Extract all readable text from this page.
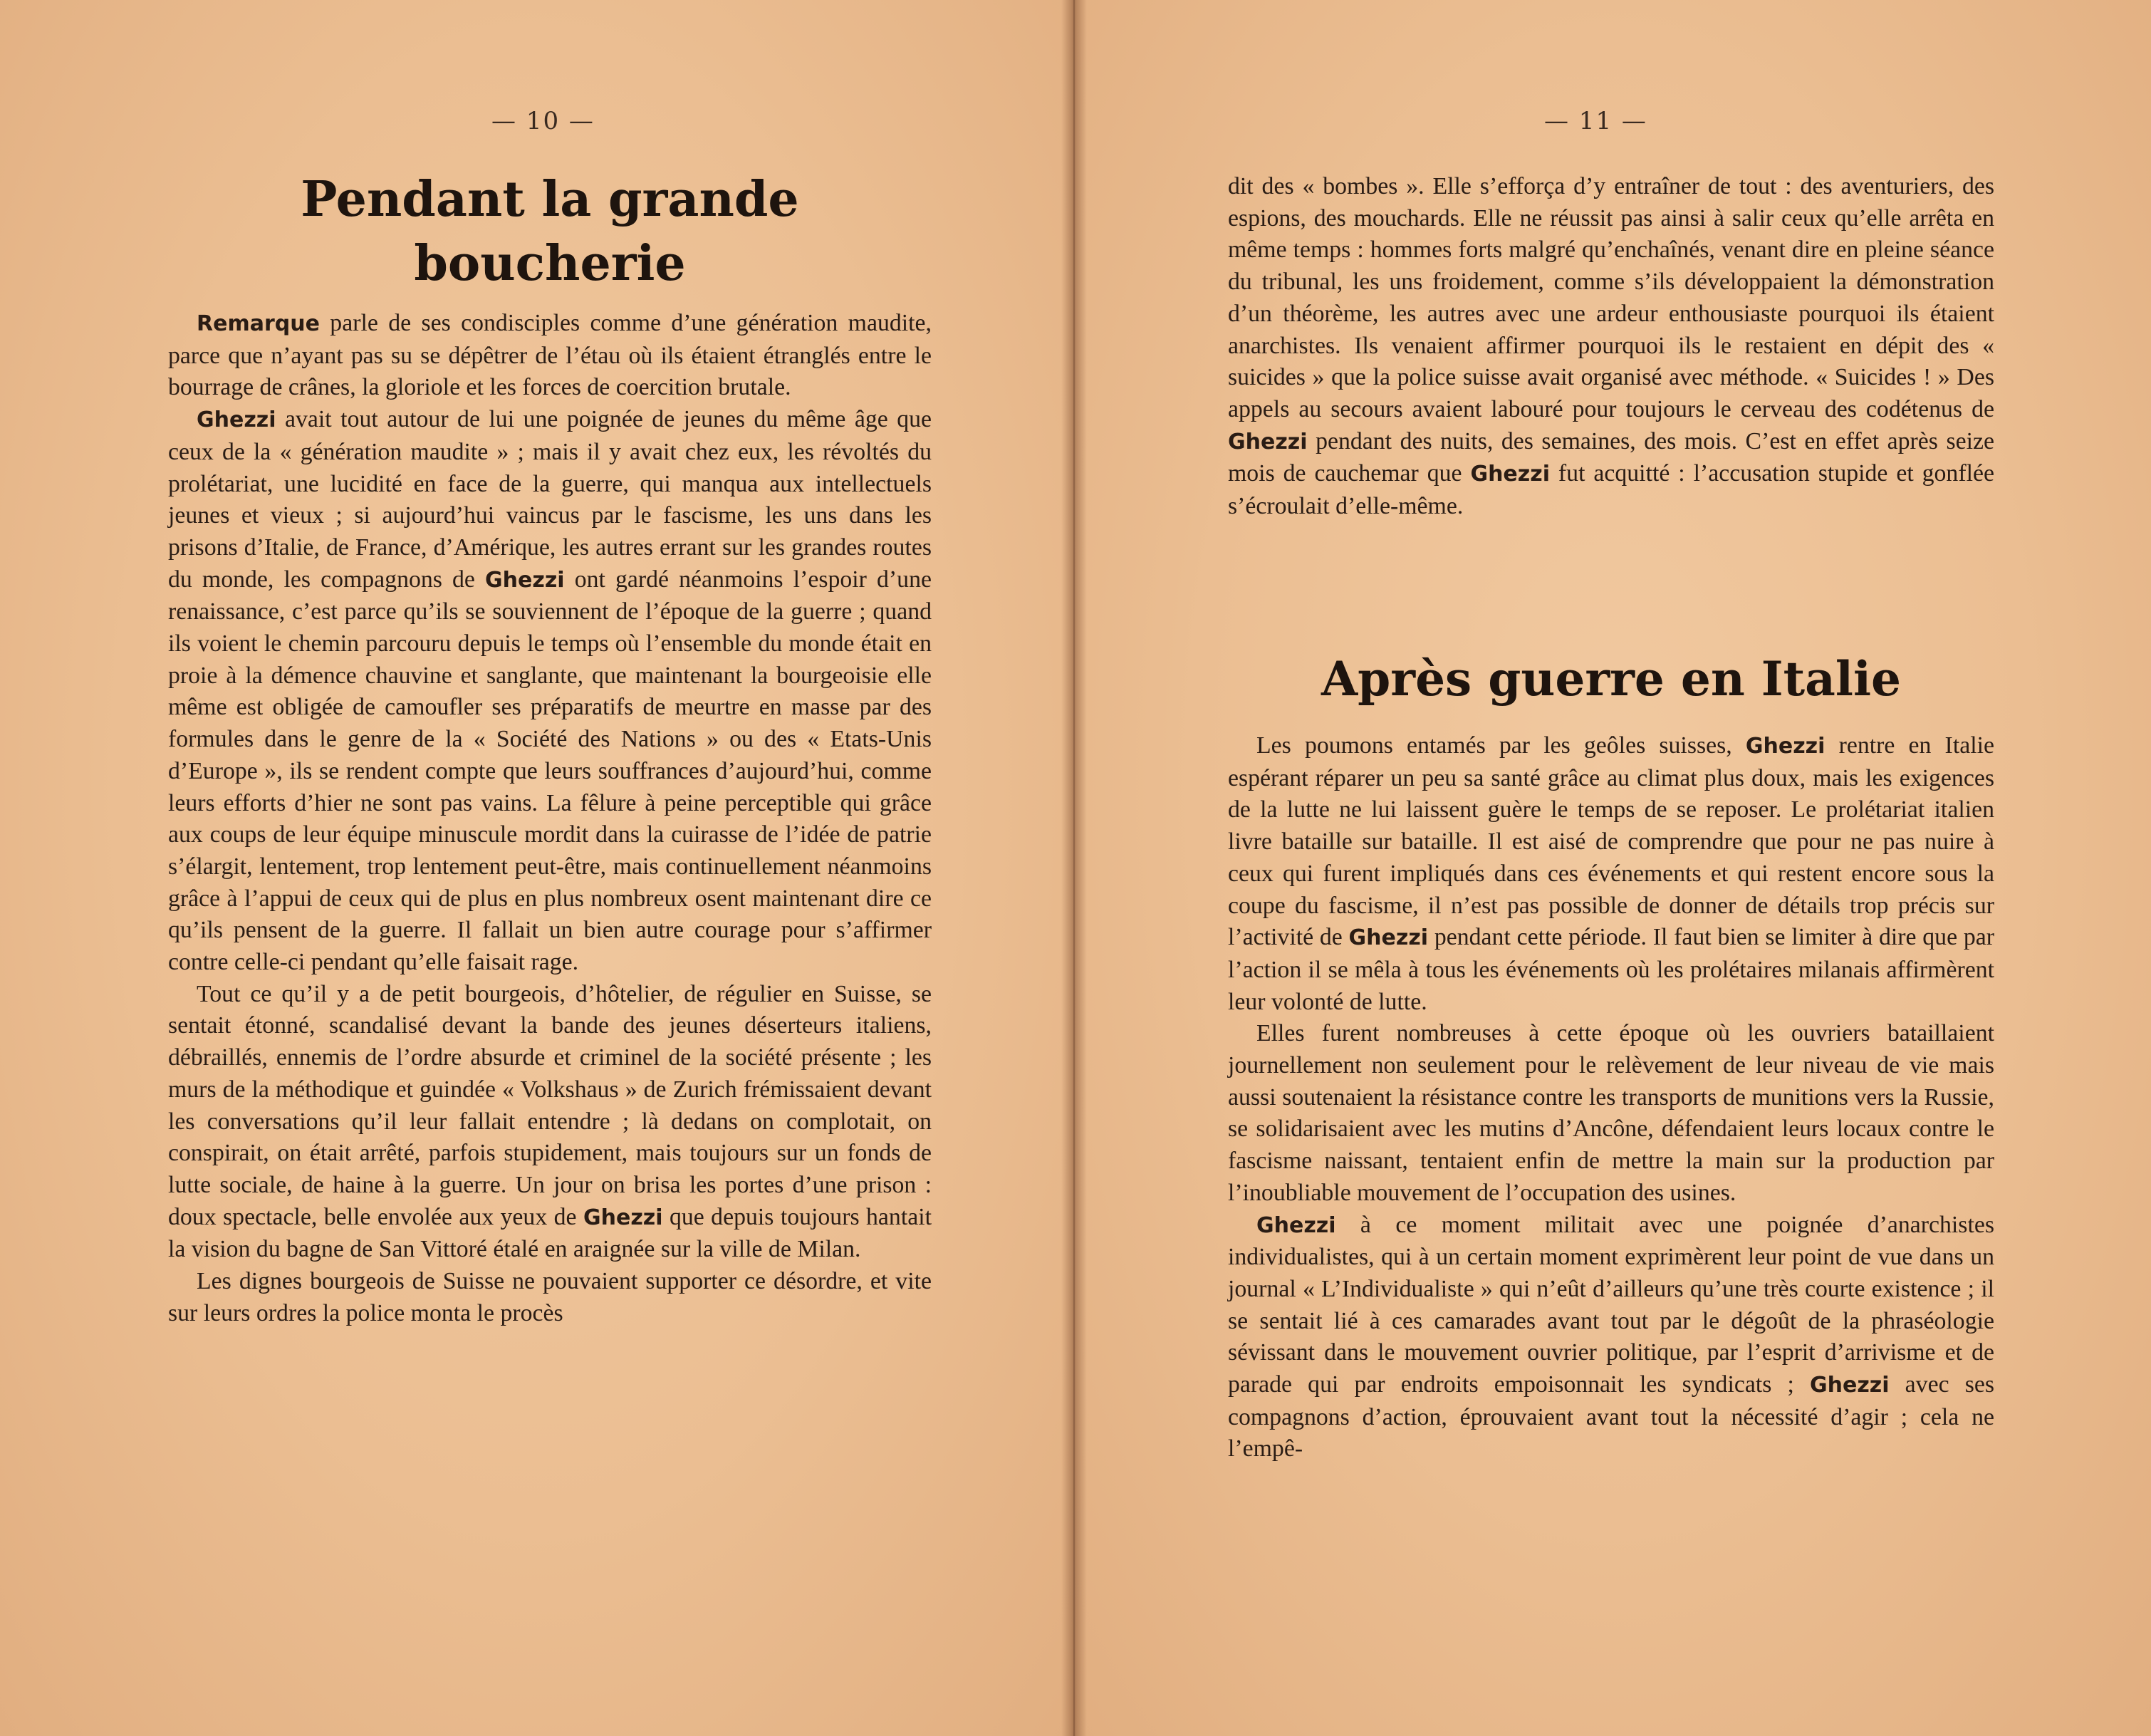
— 10 —
Pendant la grande boucherie

Remarque parle de ses condisciples comme d’une génération maudite, parce que n’ayant pas su se dépêtrer de l’étau où ils étaient étranglés entre le bourrage de crânes, la gloriole et les forces de coercition brutale.

Ghezzi avait tout autour de lui une poignée de jeunes du même âge que ceux de la « génération maudite » ; mais il y avait chez eux, les révoltés du prolétariat, une lucidité en face de la guerre, qui manqua aux intellectuels jeunes et vieux ; si aujourd’hui vaincus par le fascisme, les uns dans les prisons d’Italie, de France, d’Amérique, les autres errant sur les grandes routes du monde, les compagnons de Ghezzi ont gardé néanmoins l’espoir d’une renaissance, c’est parce qu’ils se souviennent de l’époque de la guerre ; quand ils voient le chemin parcouru depuis le temps où l’ensemble du monde était en proie à la démence chauvine et sanglante, que maintenant la bourgeoisie elle même est obligée de camoufler ses préparatifs de meurtre en masse par des formules dans le genre de la « Société des Nations » ou des « Etats-Unis d’Europe », ils se rendent compte que leurs souffrances d’aujourd’hui, comme leurs efforts d’hier ne sont pas vains. La fêlure à peine perceptible qui grâce aux coups de leur équipe minuscule mordit dans la cuirasse de l’idée de patrie s’élargit, lentement, trop lentement peut-être, mais continuellement néanmoins grâce à l’appui de ceux qui de plus en plus nombreux osent maintenant dire ce qu’ils pensent de la guerre. Il fallait un bien autre courage pour s’affirmer contre celle-ci pendant qu’elle faisait rage.

Tout ce qu’il y a de petit bourgeois, d’hôtelier, de régulier en Suisse, se sentait étonné, scandalisé devant la bande des jeunes déserteurs italiens, débraillés, ennemis de l’ordre absurde et criminel de la société présente ; les murs de la méthodique et guindée « Volkshaus » de Zurich frémissaient devant les conversations qu’il leur fallait entendre ; là dedans on complotait, on conspirait, on était arrêté, parfois stupidement, mais toujours sur un fonds de lutte sociale, de haine à la guerre. Un jour on brisa les portes d’une prison : doux spectacle, belle envolée aux yeux de Ghezzi que depuis toujours hantait la vision du bagne de San Vittoré étalé en araignée sur la ville de Milan.

Les dignes bourgeois de Suisse ne pouvaient supporter ce désordre, et vite sur leurs ordres la police monta le procès

— 11 —

dit des « bombes ». Elle s’efforça d’y entraîner de tout : des aventuriers, des espions, des mouchards. Elle ne réussit pas ainsi à salir ceux qu’elle arrêta en même temps : hommes forts malgré qu’enchaînés, venant dire en pleine séance du tribunal, les uns froidement, comme s’ils développaient la démonstration d’un théorème, les autres avec une ardeur enthousiaste pourquoi ils étaient anarchistes. Ils venaient affirmer pourquoi ils le restaient en dépit des « suicides » que la police suisse avait organisé avec méthode. « Suicides ! » Des appels au secours avaient labouré pour toujours le cerveau des codétenus de Ghezzi pendant des nuits, des semaines, des mois. C’est en effet après seize mois de cauchemar que Ghezzi fut acquitté : l’accusation stupide et gonflée s’écroulait d’elle-même.

Après guerre en Italie

Les poumons entamés par les geôles suisses, Ghezzi rentre en Italie espérant réparer un peu sa santé grâce au climat plus doux, mais les exigences de la lutte ne lui laissent guère le temps de se reposer. Le prolétariat italien livre bataille sur bataille. Il est aisé de comprendre que pour ne pas nuire à ceux qui furent impliqués dans ces événements et qui restent encore sous la coupe du fascisme, il n’est pas possible de donner de détails trop précis sur l’activité de Ghezzi pendant cette période. Il faut bien se limiter à dire que par l’action il se mêla à tous les événements où les prolétaires milanais affirmèrent leur volonté de lutte.

Elles furent nombreuses à cette époque où les ouvriers bataillaient journellement non seulement pour le relèvement de leur niveau de vie mais aussi soutenaient la résistance contre les transports de munitions vers la Russie, se solidarisaient avec les mutins d’Ancône, défendaient leurs locaux contre le fascisme naissant, tentaient enfin de mettre la main sur la production par l’inoubliable mouvement de l’occupation des usines.

Ghezzi à ce moment militait avec une poignée d’anarchistes individualistes, qui à un certain moment exprimèrent leur point de vue dans un journal « L’Individualiste » qui n’eût d’ailleurs qu’une très courte existence ; il se sentait lié à ces camarades avant tout par le dégoût de la phraséologie sévissant dans le mouvement ouvrier politique, par l’esprit d’arrivisme et de parade qui par endroits empoisonnait les syndicats ; Ghezzi avec ses compagnons d’action, éprouvaient avant tout la nécessité d’agir ; cela ne l’empê-
